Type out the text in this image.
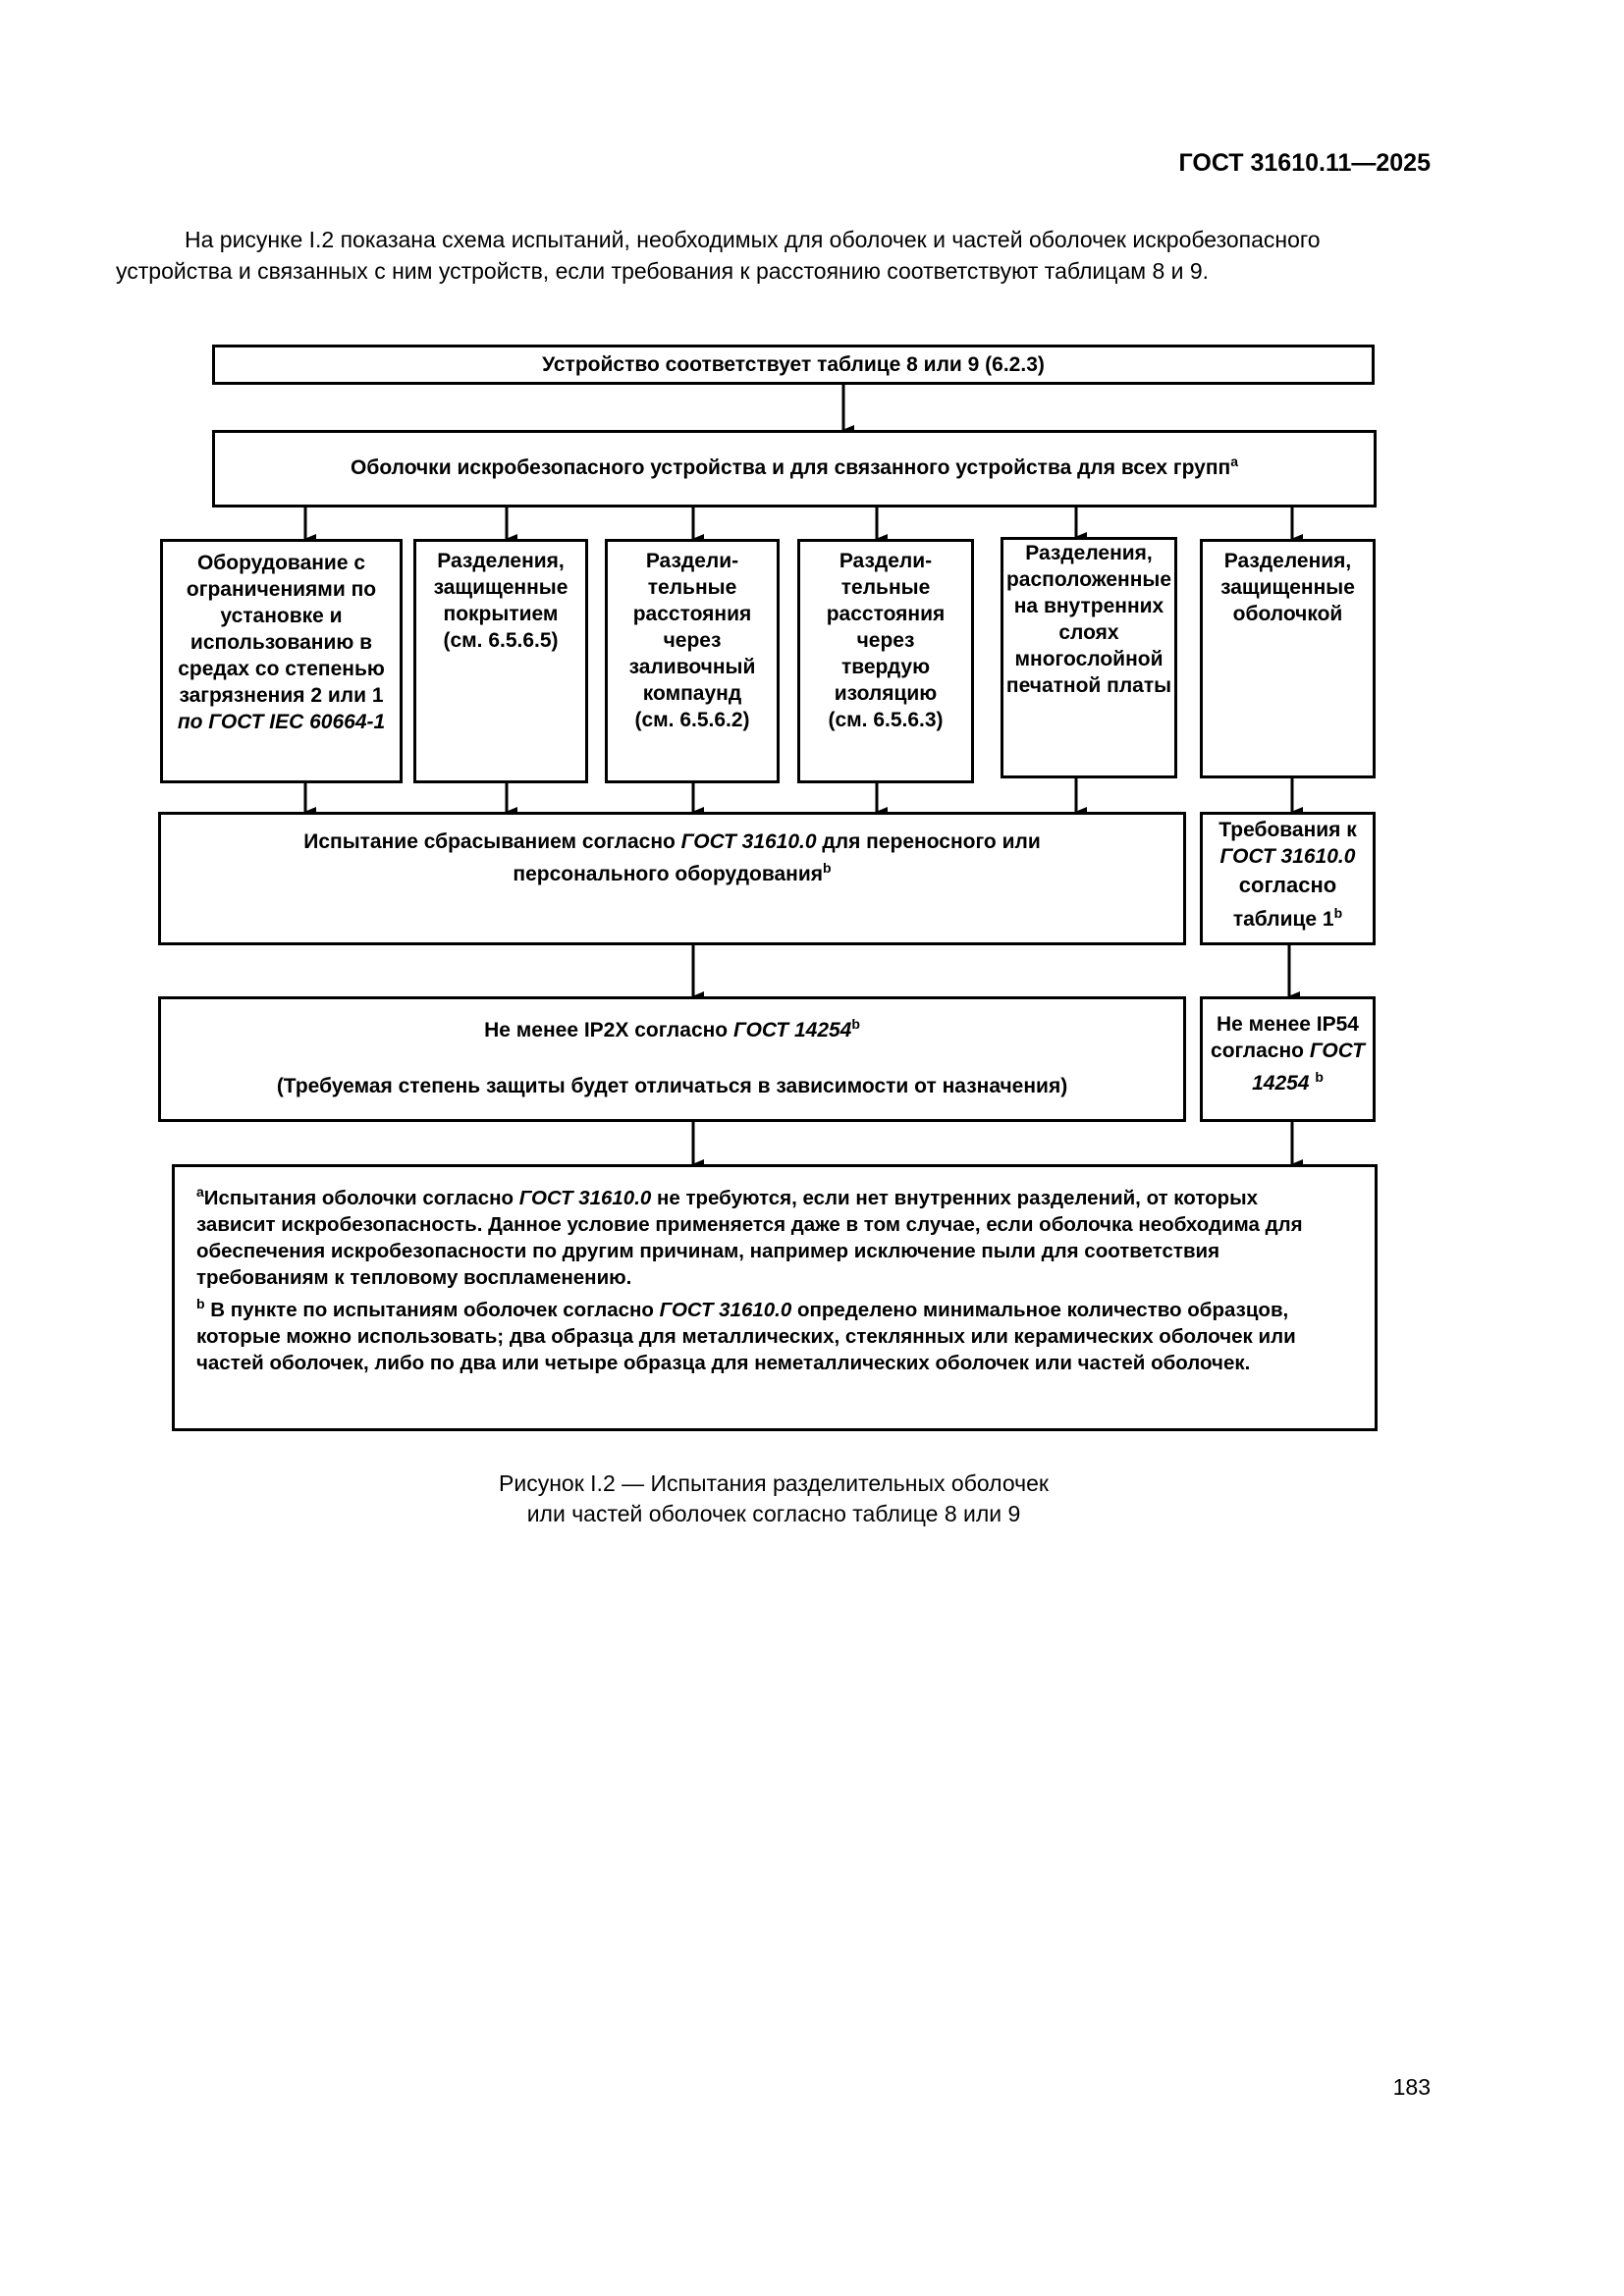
ГОСТ 31610.11—2025
На рисунке I.2 показана схема испытаний, необходимых для оболочек и частей оболочек искробезопасного устройства и связанных с ним устройств, если требования к расстоянию соответствуют таблицам 8 и 9.
Устройство соответствует таблице 8 или 9 (6.2.3)
Оболочки искробезопасного устройства и для связанного устройства для всех групп$^a$
Оборудование с
ограничениями по
установке и
использованию в
средах со степенью
загрязнения 2 или 1
по ГОСТ IEC 60664-1
Разделения,
защищенные
покрытием
(см. 6.5.6.5)
Раздели-
тельные
расстояния
через
заливочный
компаунд
(см. 6.5.6.2)
Раздели-
тельные
расстояния
через
твердую
изоляцию
(см. 6.5.6.3)
Разделения,
расположенные
на внутренних
слоях
многослойной
печатной платы
Разделения,
защищенные
оболочкой
Испытание сбрасыванием согласно ГОСТ 31610.0 для переносного или
персонального оборудования$^b$
Требования к
ГОСТ 31610.0
согласно
таблице 1$^b$
Не менее IP2X согласно ГОСТ 14254$^b$
(Требуемая степень защиты будет отличаться в зависимости от назначения)
Не менее IP54
согласно ГОСТ
14254 $^b$
$^a$Испытания оболочки согласно ГОСТ 31610.0 не требуются, если нет внутренних разделений, от которых
зависит искробезопасность. Данное условие применяется даже в том случае, если оболочка необходима для
обеспечения искробезопасности по другим причинам, например исключение пыли для соответствия
требованиям к тепловому воспламенению.
$^b$ В пункте по испытаниям оболочек согласно ГОСТ 31610.0 определено минимальное количество образцов,
которые можно использовать; два образца для металлических, стеклянных или керамических оболочек или
частей оболочек, либо по два или четыре образца для неметаллических оболочек или частей оболочек.
Рисунок I.2 — Испытания разделительных оболочек
или частей оболочек согласно таблице 8 или 9
183
